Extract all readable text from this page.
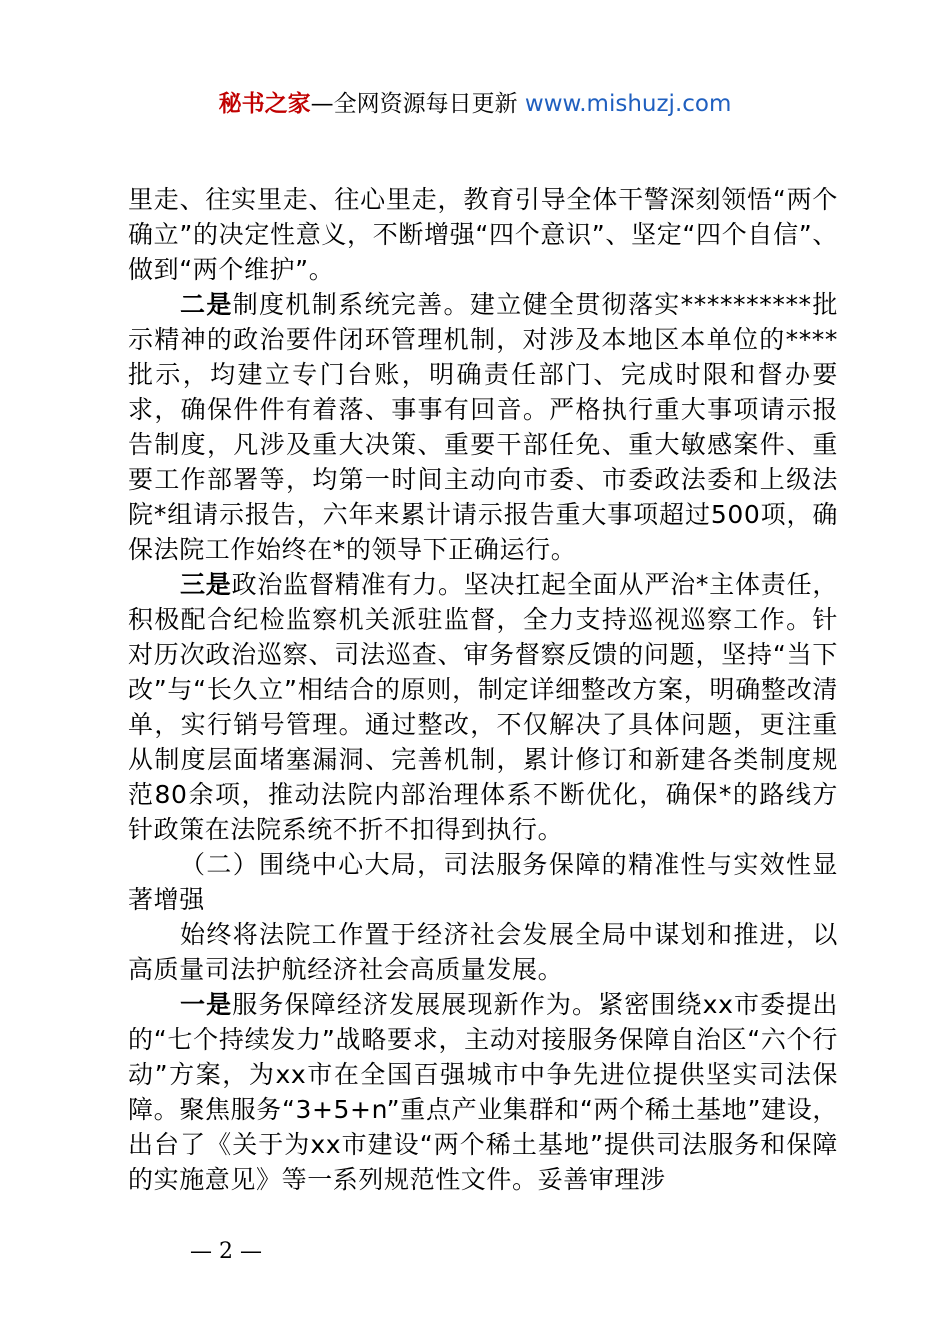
秘书之家—全网资源每日更新 www.mishuzj.com

里走、往实里走、往心里走，教育引导全体干警深刻领悟“两个确立”的决定性意义，不断增强“四个意识”、坚定“四个自信”、做到“两个维护”。

二是制度机制系统完善。建立健全贯彻落实**********批示精神的政治要件闭环管理机制，对涉及本地区本单位的****批示，均建立专门台账，明确责任部门、完成时限和督办要求，确保件件有着落、事事有回音。严格执行重大事项请示报告制度，凡涉及重大决策、重要干部任免、重大敏感案件、重要工作部署等，均第一时间主动向市委、市委政法委和上级法院*组请示报告，六年来累计请示报告重大事项超过500项，确保法院工作始终在*的领导下正确运行。

三是政治监督精准有力。坚决扛起全面从严治*主体责任，积极配合纪检监察机关派驻监督，全力支持巡视巡察工作。针对历次政治巡察、司法巡查、审务督察反馈的问题，坚持“当下改”与“长久立”相结合的原则，制定详细整改方案，明确整改清单，实行销号管理。通过整改，不仅解决了具体问题，更注重从制度层面堵塞漏洞、完善机制，累计修订和新建各类制度规范80余项，推动法院内部治理体系不断优化，确保*的路线方针政策在法院系统不折不扣得到执行。

（二）围绕中心大局，司法服务保障的精准性与实效性显著增强

始终将法院工作置于经济社会发展全局中谋划和推进，以高质量司法护航经济社会高质量发展。

一是服务保障经济发展展现新作为。紧密围绕xx市委提出的“七个持续发力”战略要求，主动对接服务保障自治区“六个行动”方案，为xx市在全国百强城市中争先进位提供坚实司法保障。聚焦服务“3+5+n”重点产业集群和“两个稀土基地”建设，出台了《关于为xx市建设“两个稀土基地”提供司法服务和保障的实施意见》等一系列规范性文件。妥善审理涉

— 2 —
